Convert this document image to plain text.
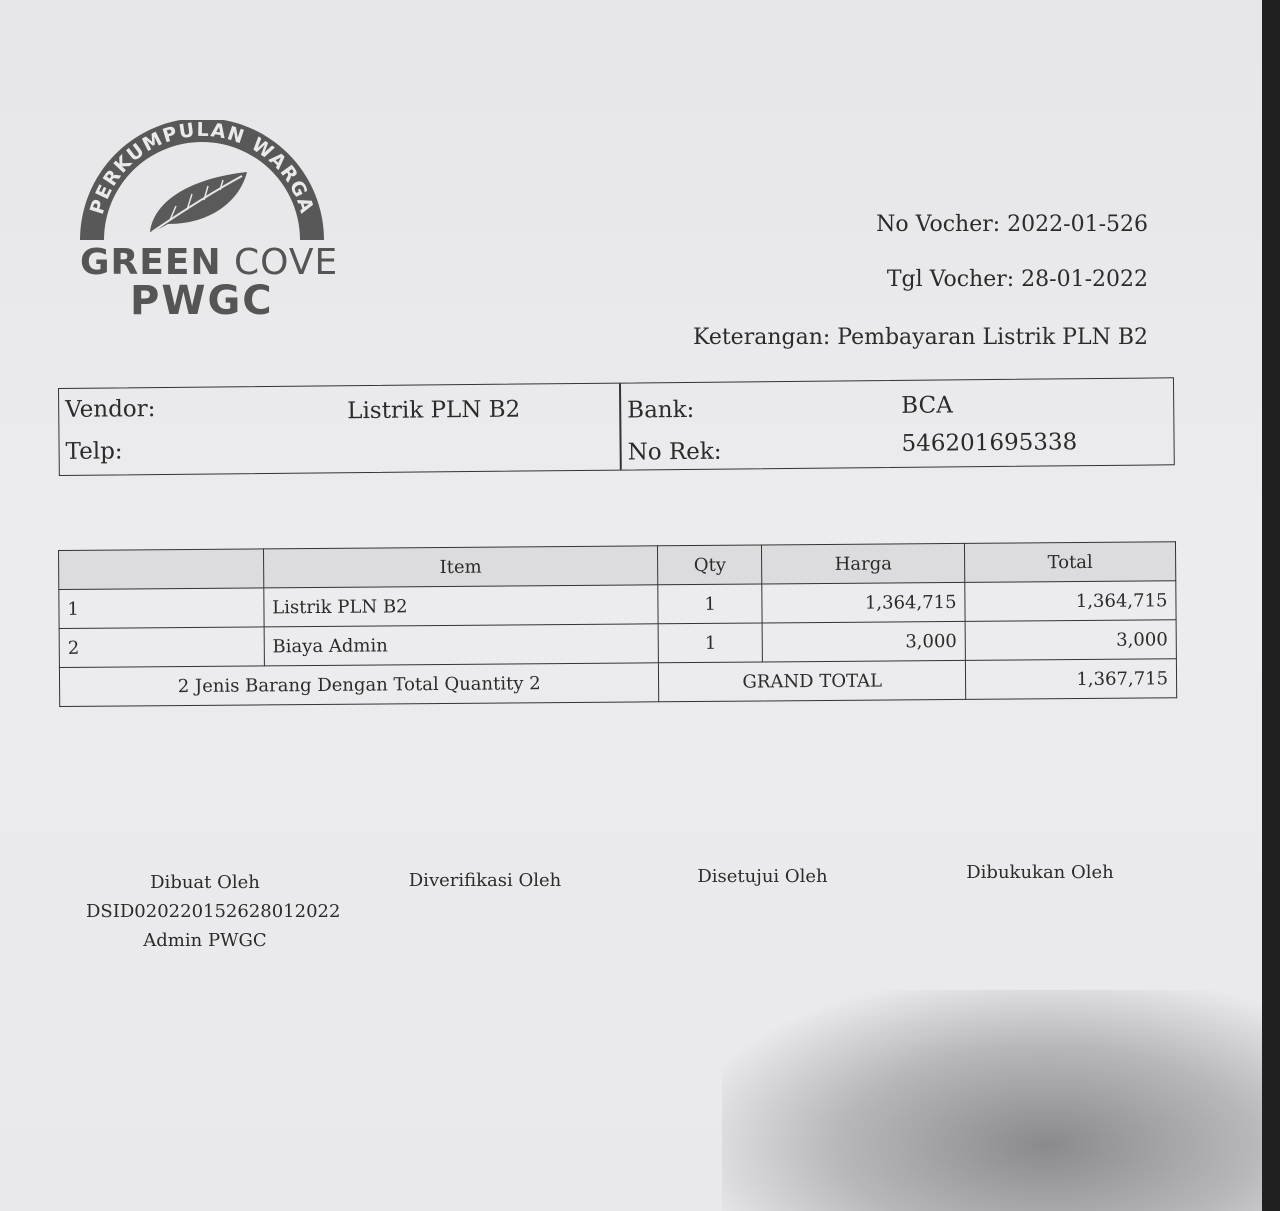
PERKUMPULAN WARGA
GREEN COVE
PWGC
No Vocher: 2022-01-526
Tgl Vocher: 28-01-2022
Keterangan: Pembayaran Listrik PLN B2
Vendor:	Listrik PLN B2
Telp:
Bank:	BCA
No Rek:	546201695338
	Item	Qty	Harga	Total
1	Listrik PLN B2	1	1,364,715	1,364,715
2	Biaya Admin	1	3,000	3,000
2 Jenis Barang Dengan Total Quantity 2		GRAND TOTAL		1,367,715
Dibuat Oleh
DSID020220152628012022
Admin PWGC
Diverifikasi Oleh	Disetujui Oleh	Dibukukan Oleh
